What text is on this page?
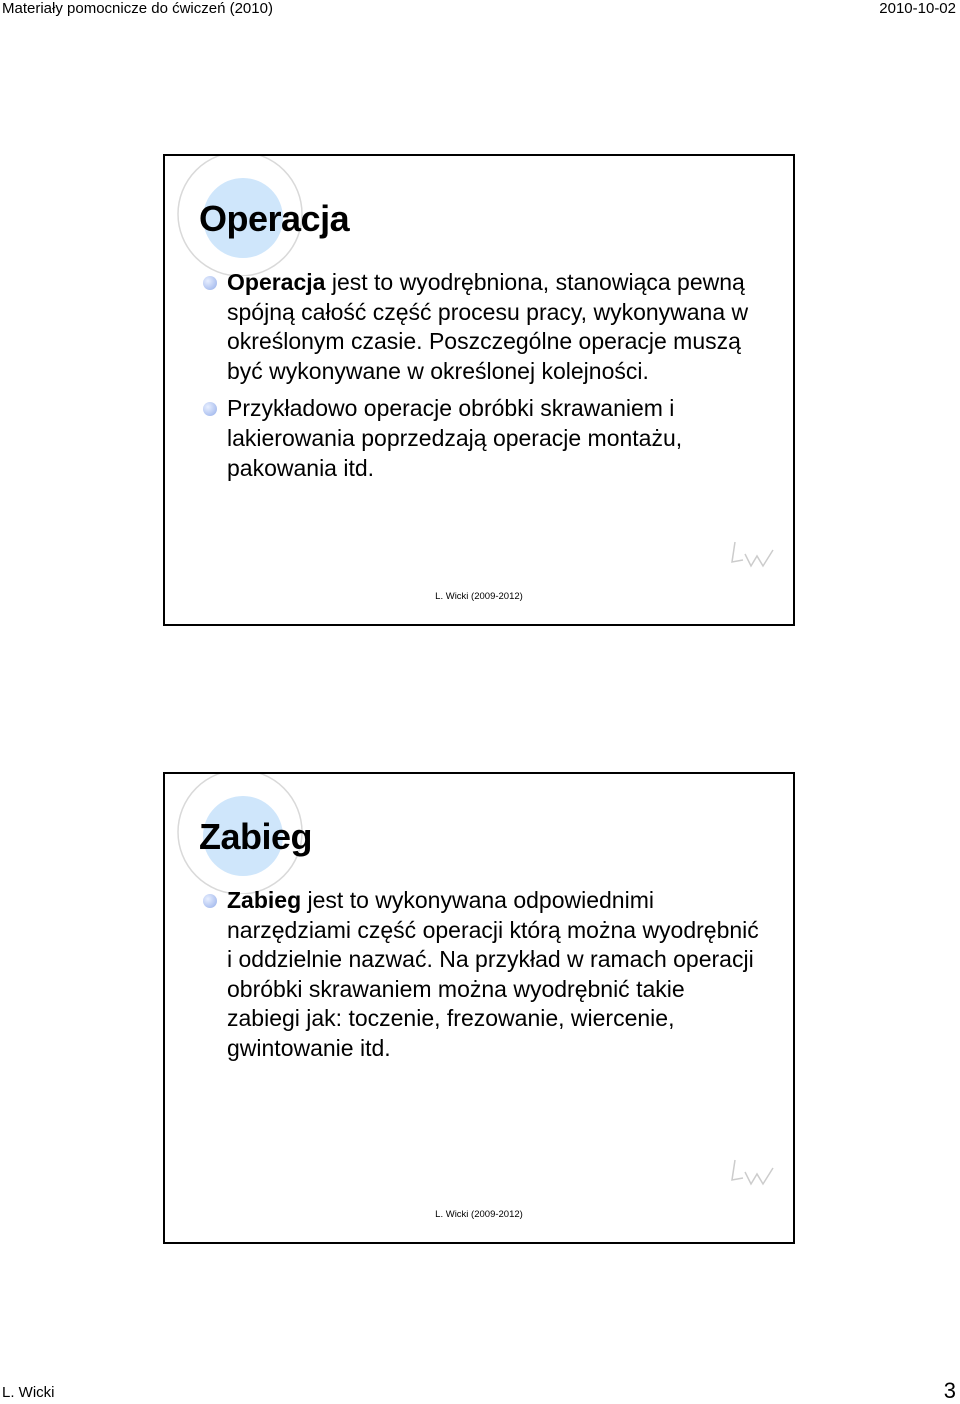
Materiały pomocnicze do ćwiczeń (2010)	2010-10-02
Operacja
Operacja jest to wyodrębniona, stanowiąca pewną spójną całość część procesu pracy, wykonywana w określonym czasie. Poszczególne operacje muszą być wykonywane w określonej kolejności.
Przykładowo operacje obróbki skrawaniem i lakierowania poprzedzają operacje montażu, pakowania itd.
L. Wicki (2009-2012)
Zabieg
Zabieg jest to wykonywana odpowiednimi narzędziami część operacji którą można wyodrębnić i oddzielnie nazwać. Na przykład w ramach operacji obróbki skrawaniem można wyodrębnić takie zabiegi jak: toczenie, frezowanie, wiercenie, gwintowanie itd.
L. Wicki (2009-2012)
L. Wicki	3
